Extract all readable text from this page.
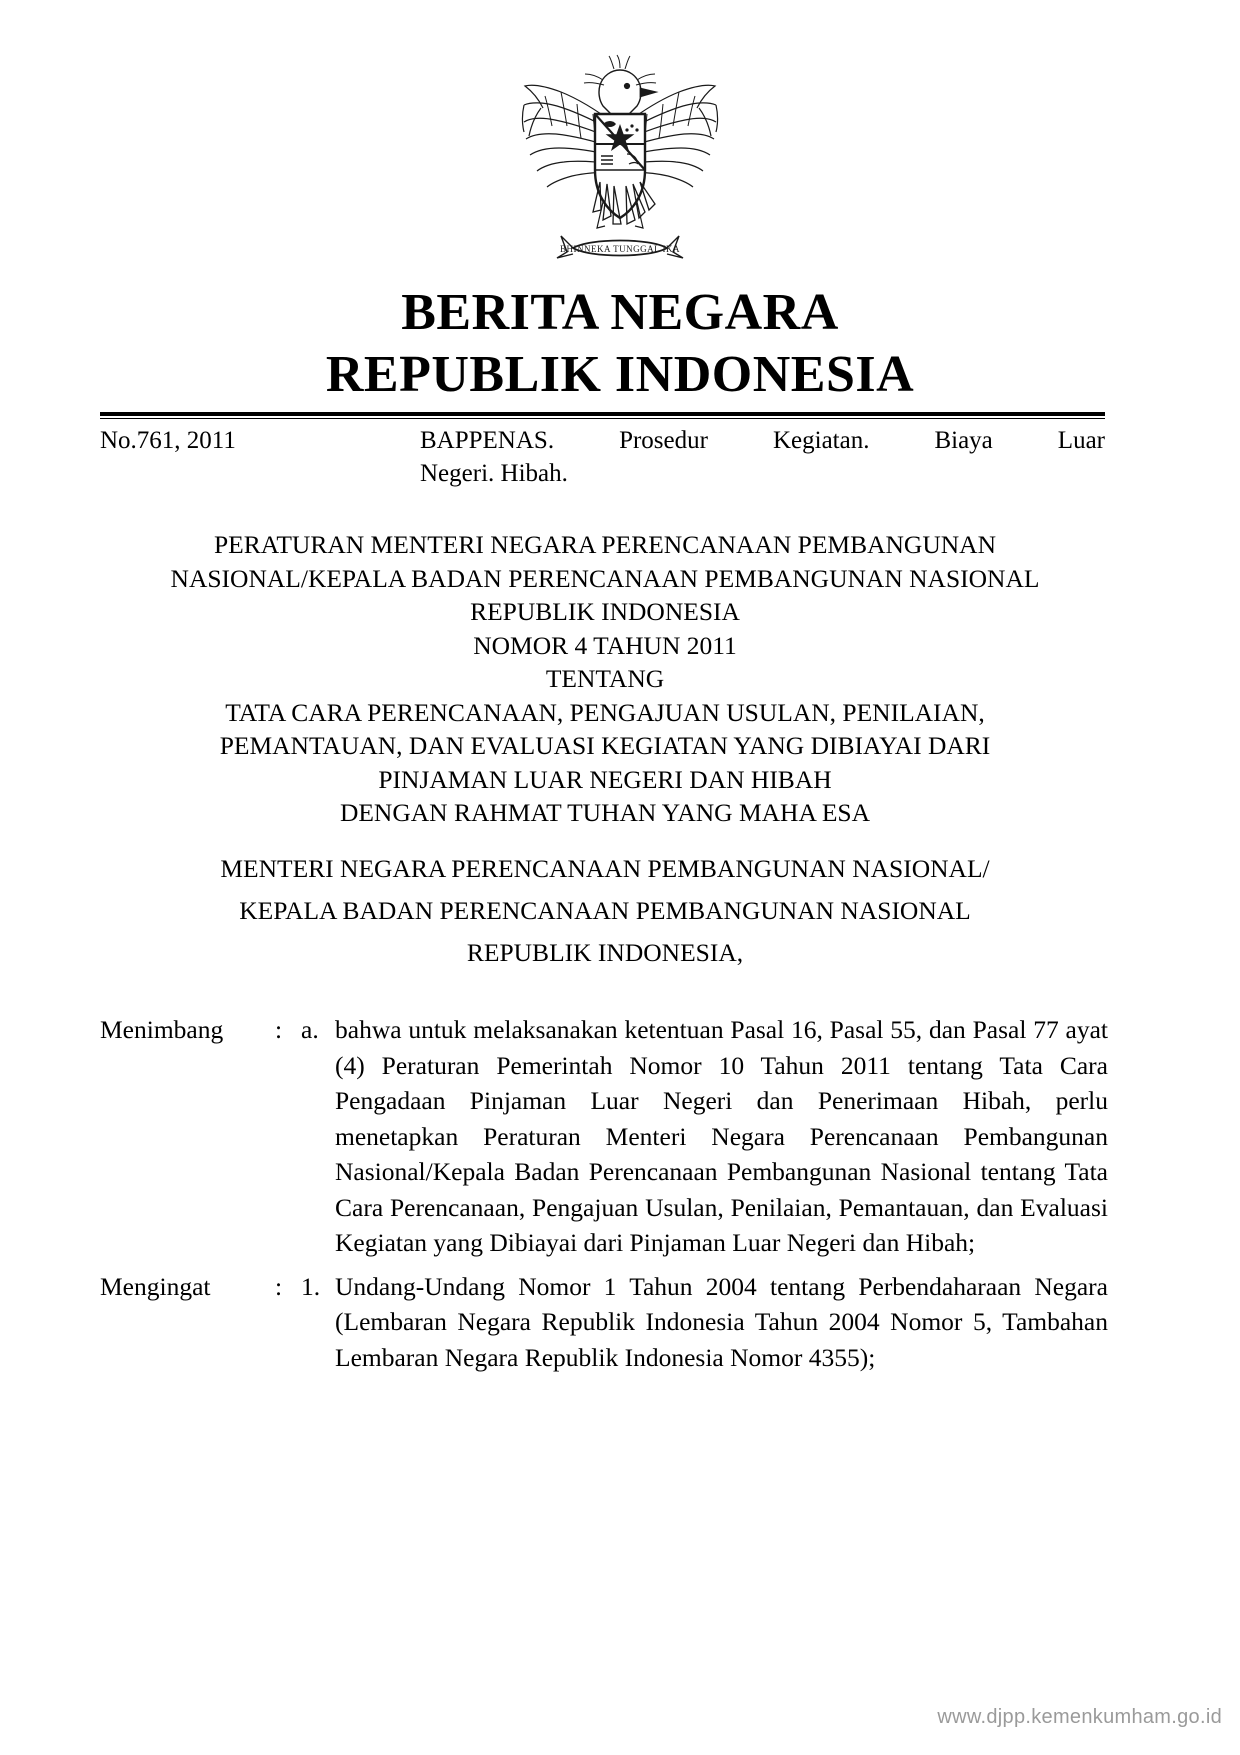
BHINNEKA TUNGGAL IKA
BERITA NEGARA
REPUBLIK INDONESIA
No.761, 2011	BAPPENAS. Prosedur Kegiatan. Biaya Luar
Negeri. Hibah.
PERATURAN MENTERI NEGARA PERENCANAAN PEMBANGUNAN
NASIONAL/KEPALA BADAN PERENCANAAN PEMBANGUNAN NASIONAL
REPUBLIK INDONESIA
NOMOR 4 TAHUN 2011
TENTANG
TATA CARA PERENCANAAN, PENGAJUAN USULAN, PENILAIAN,
PEMANTAUAN, DAN EVALUASI KEGIATAN YANG DIBIAYAI DARI
PINJAMAN LUAR NEGERI DAN HIBAH
DENGAN RAHMAT TUHAN YANG MAHA ESA
MENTERI NEGARA PERENCANAAN PEMBANGUNAN NASIONAL/
KEPALA BADAN PERENCANAAN PEMBANGUNAN NASIONAL
REPUBLIK INDONESIA,
Menimbang	: a. bahwa untuk melaksanakan ketentuan Pasal 16, Pasal 55, dan Pasal 77 ayat (4) Peraturan Pemerintah Nomor 10 Tahun 2011 tentang Tata Cara Pengadaan Pinjaman Luar Negeri dan Penerimaan Hibah, perlu menetapkan Peraturan Menteri Negara Perencanaan Pembangunan Nasional/Kepala Badan Perencanaan Pembangunan Nasional tentang Tata Cara Perencanaan, Pengajuan Usulan, Penilaian, Pemantauan, dan Evaluasi Kegiatan yang Dibiayai dari Pinjaman Luar Negeri dan Hibah;
Mengingat	: 1. Undang-Undang Nomor 1 Tahun 2004 tentang Perbendaharaan Negara (Lembaran Negara Republik Indonesia Tahun 2004 Nomor 5, Tambahan Lembaran Negara Republik Indonesia Nomor 4355);
www.djpp.kemenkumham.go.id
